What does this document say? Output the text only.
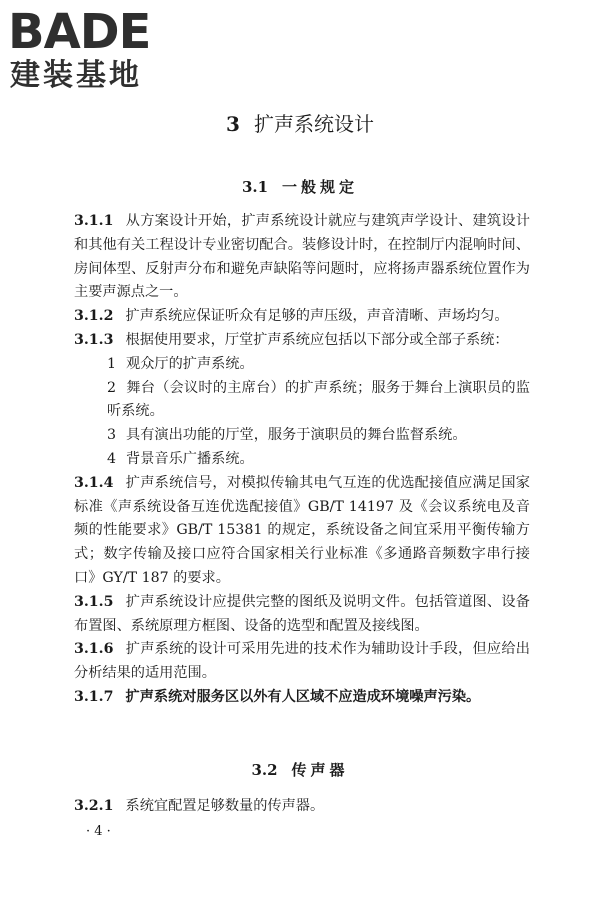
BADE

建装基地

3 扩声系统设计
3.1 一般规定

3.1.1 从方案设计开始，扩声系统设计就应与建筑声学设计、建筑设计和其他有关工程设计专业密切配合。装修设计时，在控制厅内混响时间、房间体型、反射声分布和避免声缺陷等问题时，应将扬声器系统位置作为主要声源点之一。

3.1.2 扩声系统应保证听众有足够的声压级，声音清晰、声场均匀。

3.1.3 根据使用要求，厅堂扩声系统应包括以下部分或全部子系统：

1 观众厅的扩声系统。

2 舞台（会议时的主席台）的扩声系统；服务于舞台上演职员的监听系统。

3 具有演出功能的厅堂，服务于演职员的舞台监督系统。

4 背景音乐广播系统。

3.1.4 扩声系统信号，对模拟传输其电气互连的优选配接值应满足国家标准《声系统设备互连优选配接值》GB/T 14197 及《会议系统电及音频的性能要求》GB/T 15381 的规定，系统设备之间宜采用平衡传输方式；数字传输及接口应符合国家相关行业标准《多通路音频数字串行接口》GY/T 187 的要求。

3.1.5 扩声系统设计应提供完整的图纸及说明文件。包括管道图、设备布置图、系统原理方框图、设备的选型和配置及接线图。

3.1.6 扩声系统的设计可采用先进的技术作为辅助设计手段，但应给出分析结果的适用范围。

3.1.7 扩声系统对服务区以外有人区域不应造成环境噪声污染。

3.2 传声器

3.2.1 系统宜配置足够数量的传声器。

· 4 ·
